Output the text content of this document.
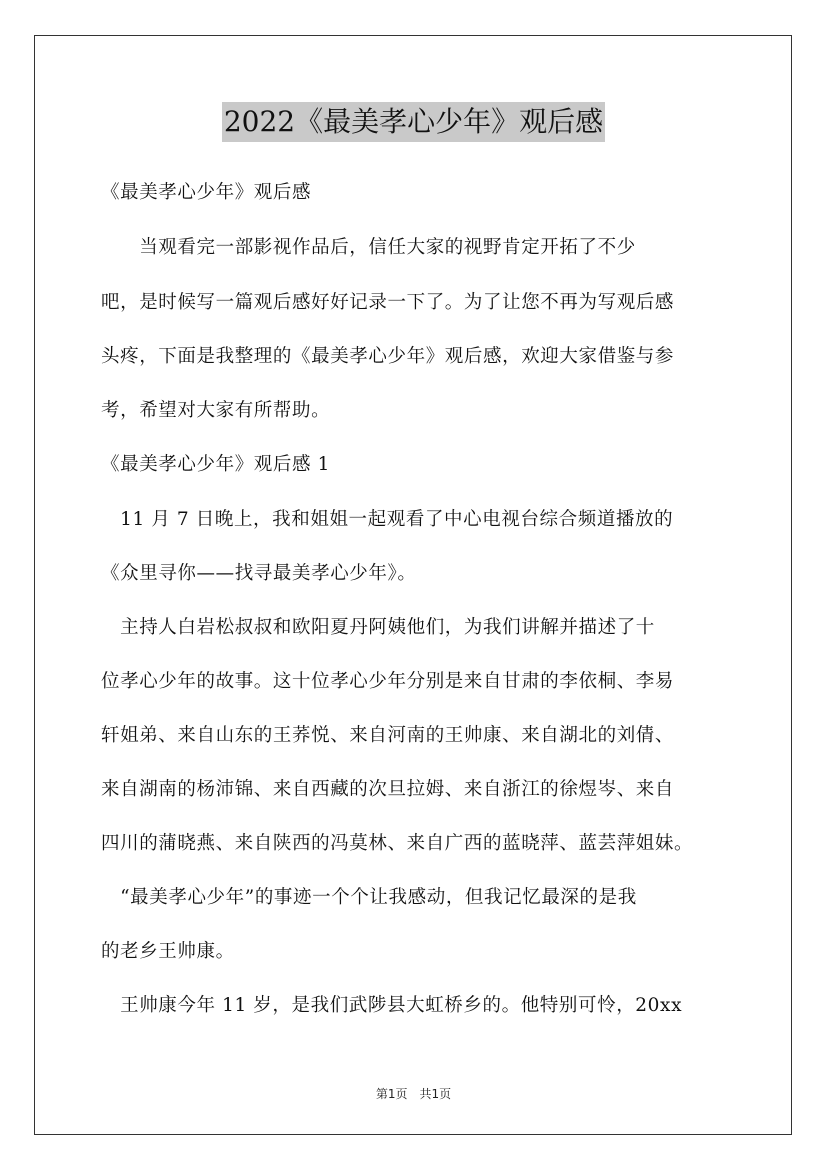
2022《最美孝心少年》观后感
《最美孝心少年》观后感
　　当观看完一部影视作品后，信任大家的视野肯定开拓了不少
吧，是时候写一篇观后感好好记录一下了。为了让您不再为写观后感
头疼，下面是我整理的《最美孝心少年》观后感，欢迎大家借鉴与参
考，希望对大家有所帮助。
《最美孝心少年》观后感 1
　11 月 7 日晚上，我和姐姐一起观看了中心电视台综合频道播放的
《众里寻你——找寻最美孝心少年》。
　主持人白岩松叔叔和欧阳夏丹阿姨他们，为我们讲解并描述了十
位孝心少年的故事。这十位孝心少年分别是来自甘肃的李依桐、李易
轩姐弟、来自山东的王荞悦、来自河南的王帅康、来自湖北的刘倩、
来自湖南的杨沛锦、来自西藏的次旦拉姆、来自浙江的徐煜岑、来自
四川的蒲晓燕、来自陕西的冯莫林、来自广西的蓝晓萍、蓝芸萍姐妹。
　“最美孝心少年”的事迹一个个让我感动，但我记忆最深的是我
的老乡王帅康。
　王帅康今年 11 岁，是我们武陟县大虹桥乡的。他特别可怜，20xx
第1页　共1页
